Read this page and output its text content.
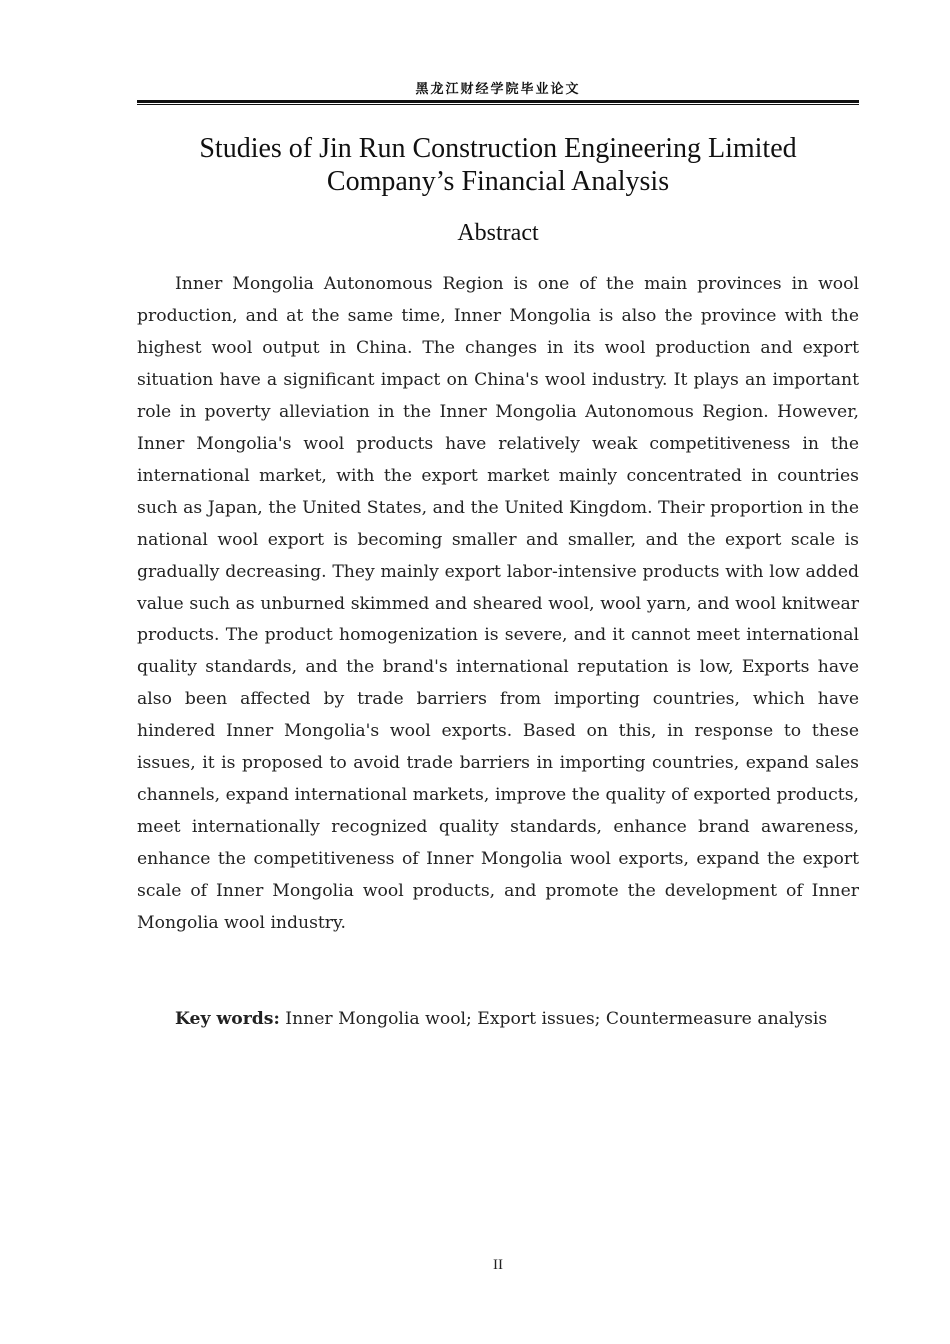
黑龙江财经学院毕业论文
Studies of Jin Run Construction Engineering Limited Company’s Financial Analysis
Abstract

Inner Mongolia Autonomous Region is one of the main provinces in wool production, and at the same time, Inner Mongolia is also the province with the highest wool output in China. The changes in its wool production and export situation have a significant impact on China's wool industry. It plays an important role in poverty alleviation in the Inner Mongolia Autonomous Region. However, Inner Mongolia's wool products have relatively weak competitiveness in the international market, with the export market mainly concentrated in countries such as Japan, the United States, and the United Kingdom. Their proportion in the national wool export is becoming smaller and smaller, and the export scale is gradually decreasing. They mainly export labor-intensive products with low added value such as unburned skimmed and sheared wool, wool yarn, and wool knitwear products. The product homogenization is severe, and it cannot meet international quality standards, and the brand's international reputation is low, Exports have also been affected by trade barriers from importing countries, which have hindered Inner Mongolia's wool exports. Based on this, in response to these issues, it is proposed to avoid trade barriers in importing countries, expand sales channels, expand international markets, improve the quality of exported products, meet internationally recognized quality standards, enhance brand awareness, enhance the competitiveness of Inner Mongolia wool exports, expand the export scale of Inner Mongolia wool products, and promote the development of Inner Mongolia wool industry.

Key words: Inner Mongolia wool; Export issues; Countermeasure analysis

II
